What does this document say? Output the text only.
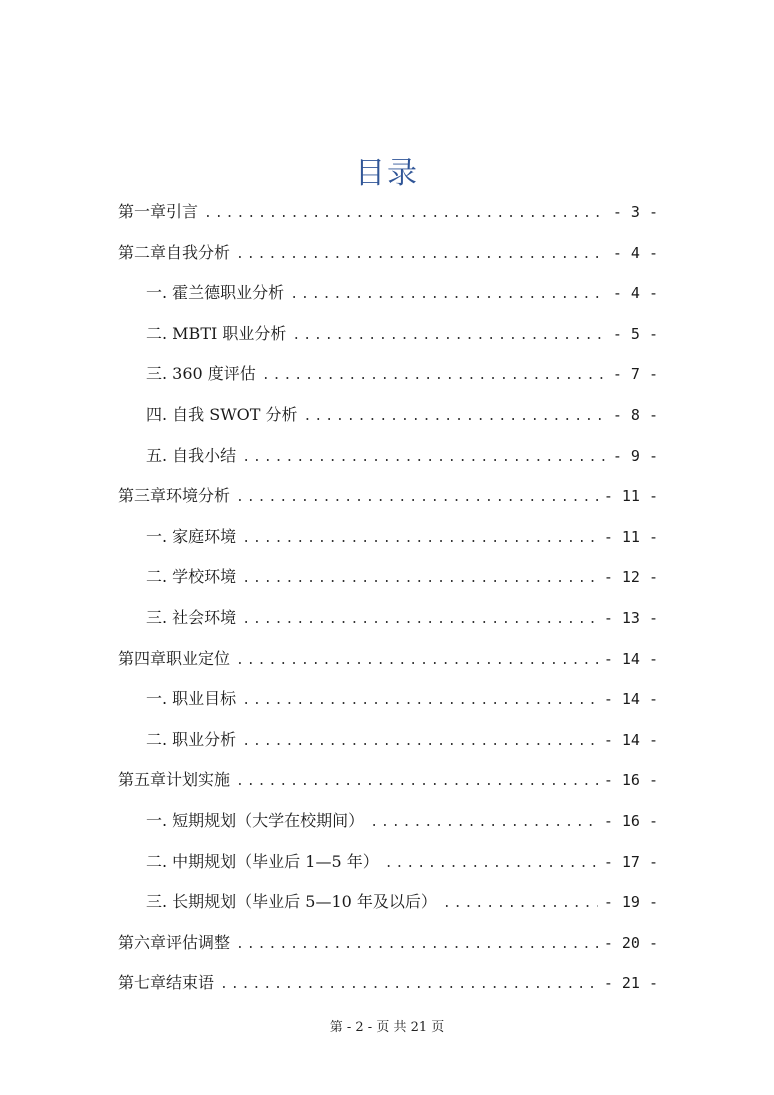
目录
第一章 引言 .....	- 3 -
第二章 自我分析 .....	- 4 -
一. 霍兰德职业分析 .....	- 4 -
二. MBTI 职业分析 .....	- 5 -
三. 360 度评估 .....	- 7 -
四. 自我 SWOT 分析 .....	- 8 -
五. 自我小结 .....	- 9 -
第三章 环境分析 .....	- 11 -
一. 家庭环境 .....	- 11 -
二. 学校环境 .....	- 12 -
三. 社会环境 .....	- 13 -
第四章 职业定位 .....	- 14 -
一. 职业目标 .....	- 14 -
二. 职业分析 .....	- 14 -
第五章 计划实施 .....	- 16 -
一. 短期规划（大学在校期间） .....	- 16 -
二. 中期规划（毕业后 1—5 年） .....	- 17 -
三. 长期规划（毕业后 5—10 年及以后） .....	- 19 -
第六章 评估调整 .....	- 20 -
第七章 结束语 .....	- 21 -
第 - 2 - 页 共 21 页
